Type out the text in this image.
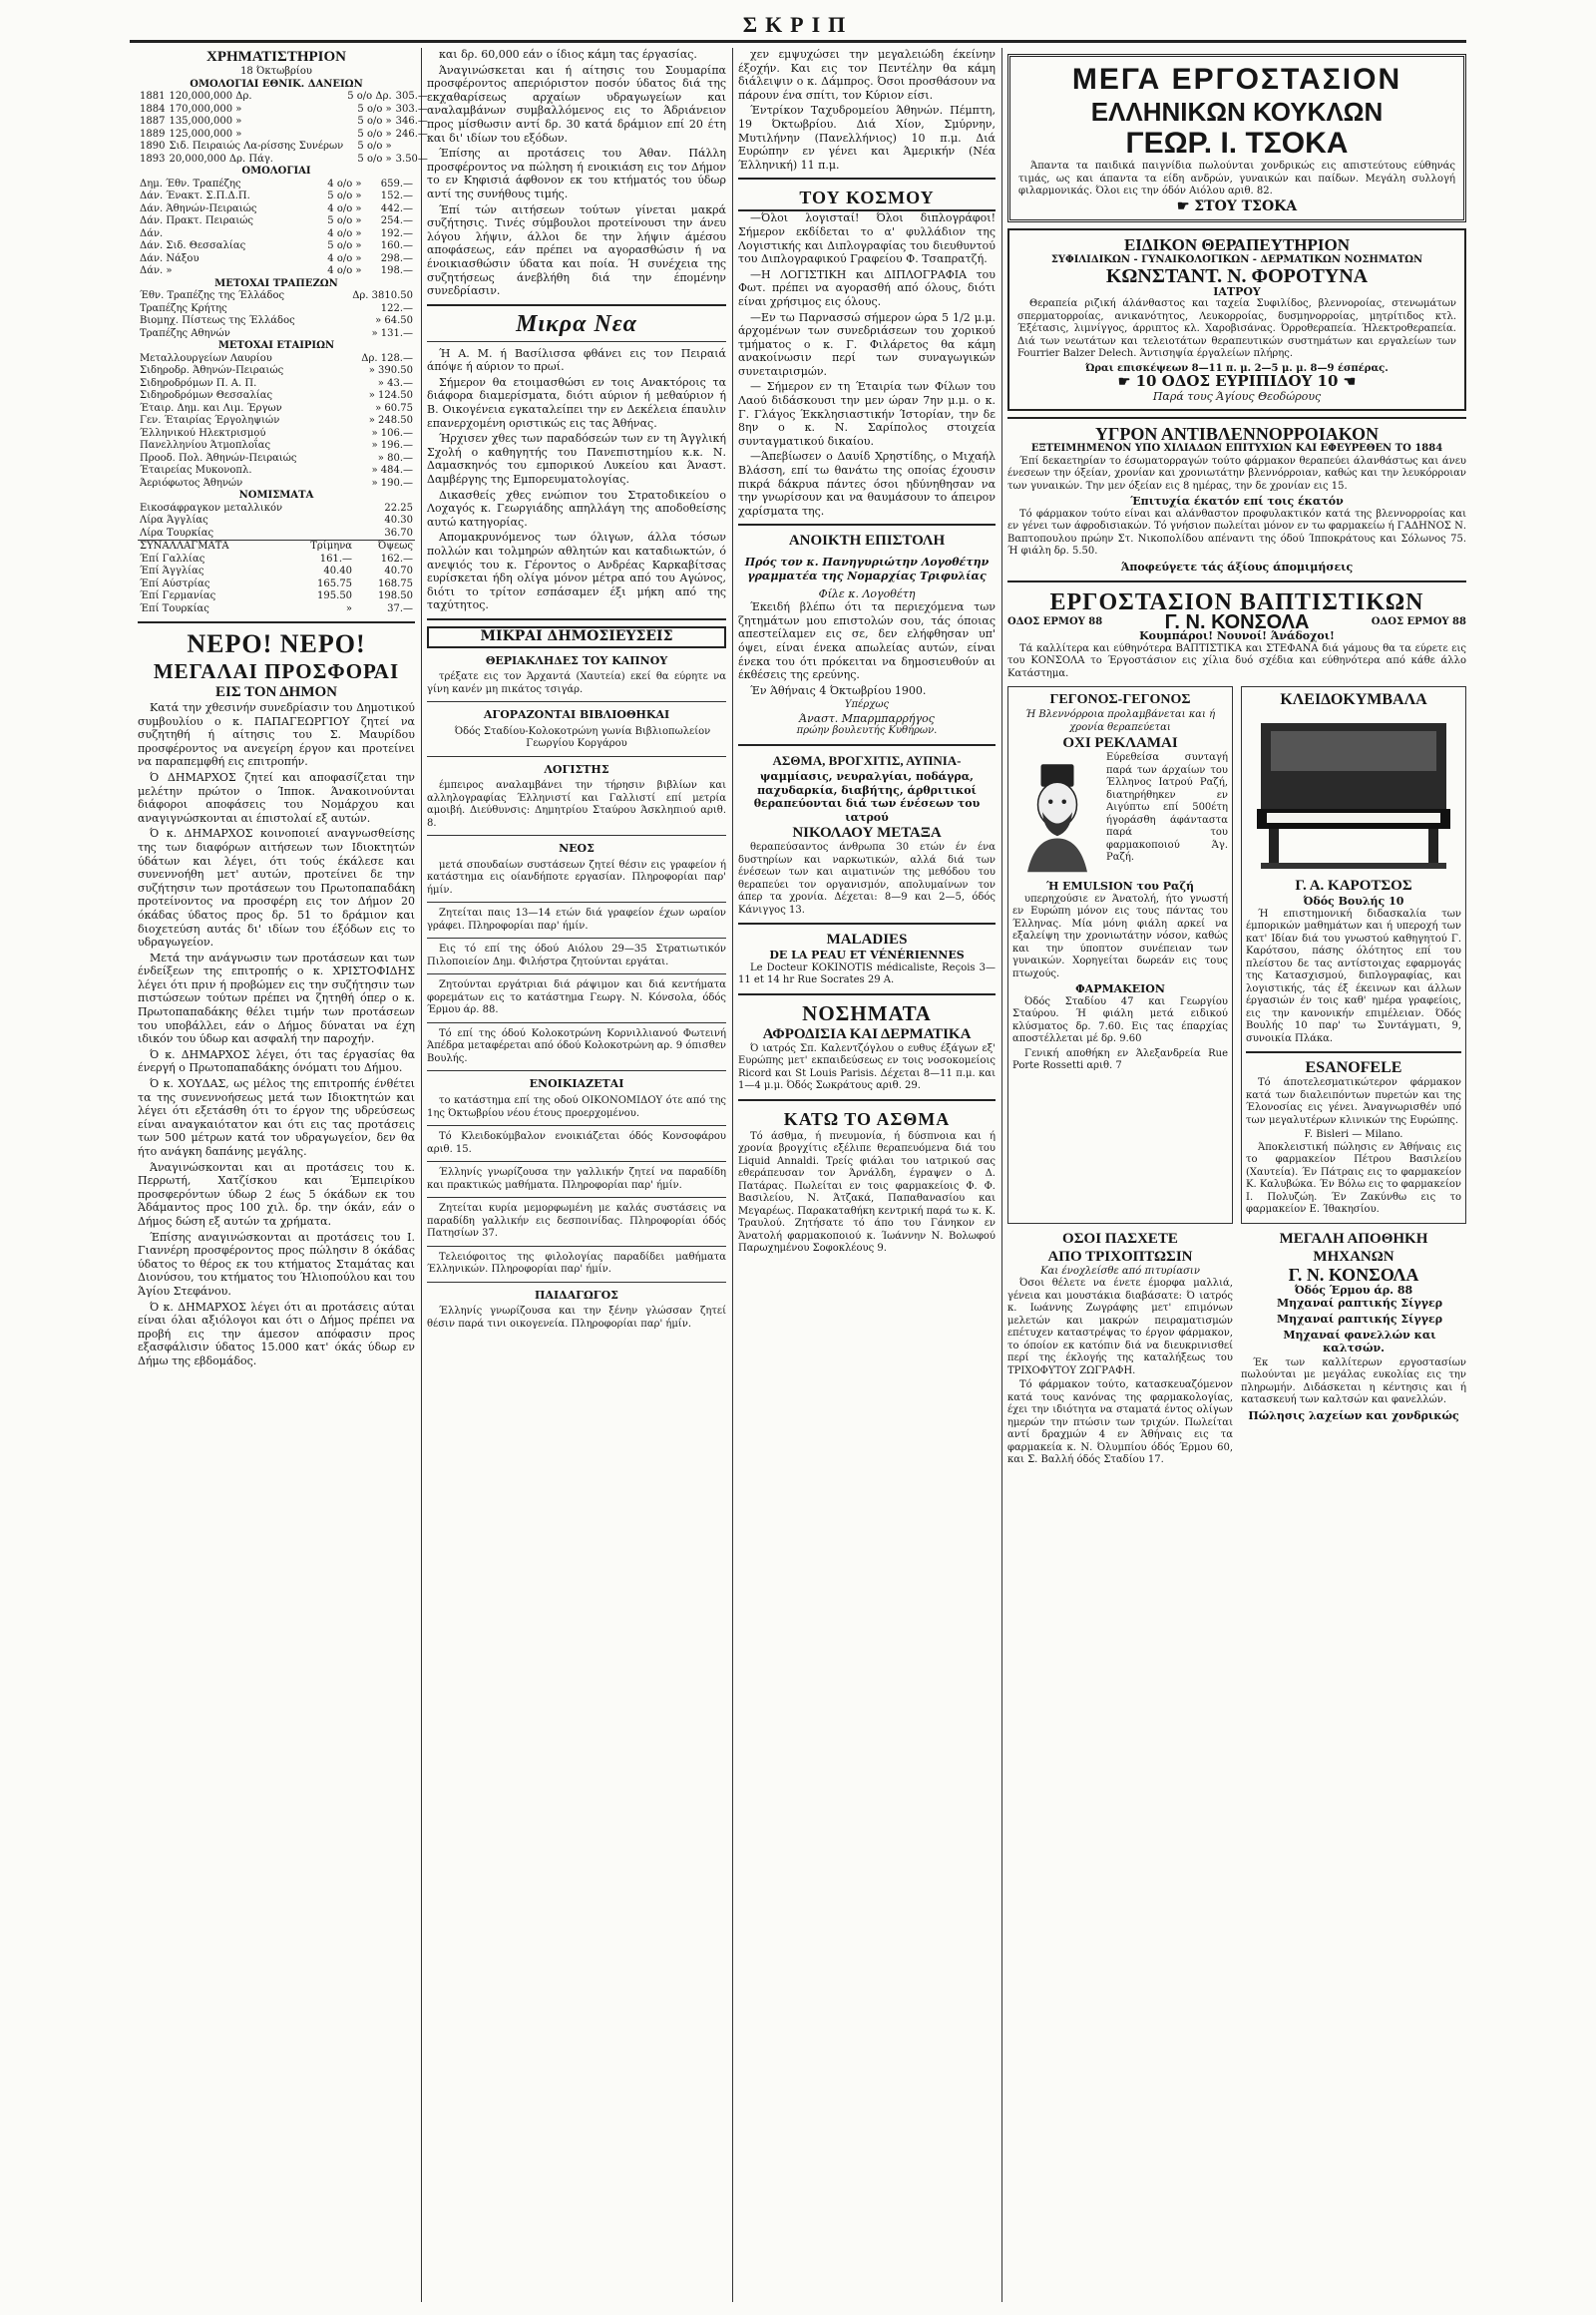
ΣΚΡΙΠ
ΧΡΗΜΑΤΙΣΤΗΡΙΟΝ
18 Όκτωβρίου
ΟΜΟΛΟΓΙΑΙ ΕΘΝΙΚ. ΔΑΝΕΙΩΝ
1881	120,000,000 Δρ.	5 ο/ο Δρ.	305.—
1884	170,000,000 »	5 ο/ο »	303.—
1887	135,000,000 »	5 ο/ο »	346.—
1889	125,000,000 »	5 ο/ο »	246.—
1890	Σιδ. Πειραιώς Λα-ρίσσης Συνέρων	5 ο/ο »	
1893	20,000,000 Δρ. Πάγ.	5 ο/ο »	3.50—
ΟΜΟΛΟΓΙΑΙ
Δημ. Έθν. Τραπέζης	4 ο/ο »	659.—
Δάν. Ένακτ. Σ.Π.Δ.Π.	5 ο/ο »	152.—
Δάν. Άθηνών-Πειραιώς	4 ο/ο »	442.—
Δάν. Πρακτ. Πειραιώς	5 ο/ο »	254.—
Δάν.	4 ο/ο »	192.—
Δάν. Σιδ. Θεσσαλίας	5 ο/ο »	160.—
Δάν. Νάξου	4 ο/ο »	298.—
Δάν. »	4 ο/ο »	198.—
ΜΕΤΟΧΑΙ ΤΡΑΠΕΖΩΝ
Έθν. Τραπέζης της Έλλάδος	Δρ. 3810.50
Τραπέζης Κρήτης	122.—
Βιομηχ. Πίστεως της Έλλάδος	» 64.50
Τραπέζης Αθηνών	» 131.—
ΜΕΤΟΧΑΙ ΕΤΑΙΡΙΩΝ
Μεταλλουργείων Λαυρίου	Δρ. 128.—
Σιδηροδρ. Άθηνών-Πειραιώς	» 390.50
Σιδηροδρόμων Π. Α. Π.	» 43.—
Σιδηροδρόμων Θεσσαλίας	» 124.50
Έταιρ. Δημ. και Λιμ. Έργων	» 60.75
Γεν. Έταιρίας Έργοληψιών	» 248.50
Έλληνικού Ηλεκτρισμού	» 106.—
Πανελληνίου Άτμοπλοΐας	» 196.—
Προοδ. Πολ. Άθηνών-Πειραιώς	» 80.—
Έταιρείας Μυκονοπλ.	» 484.—
Άεριόφωτος Άθηνών	» 190.—
ΝΟΜΙΣΜΑΤΑ
Εικοσάφραγκον μεταλλικόν	22.25
Λίρα Άγγλίας	40.30
Λίρα Τουρκίας	36.70
ΣΥΝΑΛΛΑΓΜΑΤΑ	Τρίμηνα	Όψεως
Έπί Γαλλίας	161.—	162.—
Έπί Άγγλίας	40.40	40.70
Έπί Αύστρίας	165.75	168.75
Έπί Γερμανίας	195.50	198.50
Έπί Τουρκίας	»	37.—
ΝΕΡΟ! ΝΕΡΟ!
ΜΕΓΑΛΑΙ ΠΡΟΣΦΟΡΑΙ
ΕΙΣ ΤΟΝ ΔΗΜΟΝ
Κατά την χθεσινήν συνεδρίασιν του Δημοτικού συμβουλίου ο κ. ΠΑΠΑΓΕΩΡΓΙΟΥ ζητεί να συζητηθή ή αίτησις του Σ. Μαυρίδου προσφέροντος να ανεγείρη έργον και προτείνει να παραπεμφθή εις επιτροπήν.
Ό ΔΗΜΑΡΧΟΣ ζητεί και αποφασίζεται την μελέτην πρώτον ο Ίπποκ. Άνακοινούνται διάφοροι αποφάσεις του Νομάρχου και αναγιγνώσκονται αι έπιστολαί εξ αυτών.
Ό κ. ΔΗΜΑΡΧΟΣ κοινοποιεί αναγνωσθείσης της των διαφόρων αιτήσεων των Ιδιοκτητών ύδάτων και λέγει, ότι τούς έκάλεσε και συνεννοήθη μετ' αυτών, προτείνει δε την συζήτησιν των προτάσεων του Πρωτοπαπαδάκη προτείνοντος να προσφέρη εις τον Δήμον 20 όκάδας ύδατος προς δρ. 51 το δράμιον και διοχετεύση αυτάς δι' ιδίων του έξόδων εις το υδραγωγείον.
Μετά την ανάγνωσιν των προτάσεων και των ένδείξεων της επιτροπής ο κ. ΧΡΙΣΤΟΦΙΔΗΣ λέγει ότι πριν ή προβώμεν εις την συζήτησιν των πιστώσεων τούτων πρέπει να ζητηθή όπερ ο κ. Πρωτοπαπαδάκης θέλει τιμήν των προτάσεων του υποβάλλει, εάν ο Δήμος δύναται να έχη ιδικόν του ύδωρ και ασφαλή την παροχήν.
Ό κ. ΔΗΜΑΡΧΟΣ λέγει, ότι τας έργασίας θα ένεργή ο Πρωτοπαπαδάκης όνόματι του Δήμου.
Ό κ. ΧΟΥΔΑΣ, ως μέλος της επιτροπής ένθέτει τα της συνεννοήσεως μετά των Ιδιοκτητών και λέγει ότι εξετάσθη ότι το έργον της υδρεύσεως είναι αναγκαιότατον και ότι εις τας προτάσεις των 500 μέτρων κατά τον υδραγωγείον, δεν θα ήτο ανάγκη δαπάνης μεγάλης.
Άναγινώσκονται και αι προτάσεις του κ. Περρωτή, Χατζίσκου και Έμπειρίκου προσφερόντων ύδωρ 2 έως 5 όκάδων εκ του Άδάμαντος προς 100 χιλ. δρ. την όκάν, εάν ο Δήμος δώση εξ αυτών τα χρήματα.
Έπίσης αναγινώσκονται αι προτάσεις του Ι. Γιαννέρη προσφέροντος προς πώλησιν 8 όκάδας ύδατος το θέρος εκ του κτήματος Σταμάτας και Διονύσου, του κτήματος του Ήλιοπούλου και του Άγίου Στεφάνου.
Ό κ. ΔΗΜΑΡΧΟΣ λέγει ότι αι προτάσεις αύται είναι όλαι αξιόλογοι και ότι ο Δήμος πρέπει να προβή εις την άμεσον απόφασιν προς εξασφάλισιν ύδατος 15.000 κατ' όκάς ύδωρ εν Δήμω της εβδομάδος.
και δρ. 60,000 εάν ο ίδιος κάμη τας έργασίας.
Άναγινώσκεται και ή αίτησις του Σουμαρίπα προσφέροντος απεριόριστον ποσόν ύδατος διά της εκχαθαρίσεως αρχαίων υδραγωγείων και αναλαμβάνων συμβαλλόμενος εις το Άδριάνειον προς μίσθωσιν αντί δρ. 30 κατά δράμιον επί 20 έτη και δι' ιδίων του εξόδων.
Έπίσης αι προτάσεις του Άθαν. Πάλλη προσφέροντος να πώληση ή ενοικιάση εις τον Δήμον το εν Κηφισιά άφθονον εκ του κτήματός του ύδωρ αντί της συνήθους τιμής.
Έπί τών αιτήσεων τούτων γίνεται μακρά συζήτησις. Τινές σύμβουλοι προτείνουσι την άνευ λόγου λήψιν, άλλοι δε την λήψιν άμέσου αποφάσεως, εάν πρέπει να αγορασθώσιν ή να ένοικιασθώσιν ύδατα και ποία. Ή συνέχεια της συζητήσεως άνεβλήθη διά την έπομένην συνεδρίασιν.
Μικρα Νεα
Ή Α. Μ. ή Βασίλισσα φθάνει εις τον Πειραιά άπόψε ή αύριον το πρωί.
Σήμερον θα ετοιμασθώσι εν τοις Ανακτόροις τα διάφορα διαμερίσματα, διότι αύριον ή μεθαύριον ή Β. Οικογένεια εγκαταλείπει την εν Δεκέλεια έπαυλιν επανερχομένη οριστικώς εις τας Άθήνας.
Ήρχισεν χθες των παραδόσεών των εν τη Άγγλική Σχολή ο καθηγητής του Πανεπιστημίου κ.κ. Ν. Δαμασκηνός του εμπορικού Λυκείου και Άναστ. Δαμβέργης της Εμπορευματολογίας.
Δικασθείς χθες ενώπιον του Στρατοδικείου ο Λοχαγός κ. Γεωργιάδης απηλλάγη της αποδοθείσης αυτώ κατηγορίας.
Απομακρυνόμενος των όλιγων, άλλα τόσων πολλών και τολμηρών αθλητών και καταδιωκτών, ό ανεψιός του κ. Γέροντος ο Ανδρέας Καρκαβίτσας ευρίσκεται ήδη ολίγα μόνον μέτρα από του Αγώνος, διότι το τρίτον εσπάσαμεν έξι μήκη από της ταχύτητος.
ΜΙΚΡΑΙ ΔΗΜΟΣΙΕΥΣΕΙΣ
ΘΕΡΙΑΚΛΗΔΕΣ ΤΟΥ ΚΑΠΝΟΥ
τρέξατε εις τον Άρχαντά (Χαυτεία) εκεί θα εύρητε να γίνη κανέν μη πικάτος τσιγάρ.
ΑΓΟΡΑΖΟΝΤΑΙ ΒΙΒΛΙΟΘΗΚΑΙ
Όδός Σταδίου-Κολοκοτρώνη γωνία Βιβλιοπωλείον Γεωργίου Κοργάρου
ΛΟΓΙΣΤΗΣ
έμπειρος αναλαμβάνει την τήρησιν βιβλίων και αλληλογραφίας Έλληνιστί και Γαλλιστί επί μετρία αμοιβή. Διεύθυνσις: Δημητρίου Σταύρου Άσκληπιού αριθ. 8.
ΝΕΟΣ
μετά σπουδαίων συστάσεων ζητεί θέσιν εις γραφείον ή κατάστημα εις οίανδήποτε εργασίαν. Πληροφορίαι παρ' ήμίν.
Ζητείται παις 13—14 ετών διά γραφείον έχων ωραίον γράφει. Πληροφορίαι παρ' ήμίν.
Εις τό επί της όδού Αιόλου 29—35 Στρατιωτικόν Πιλοποιείον Δημ. Φιλήστρα ζητούνται εργάται.
Ζητούνται εργάτριαι διά ράψιμον και διά κεντήματα φορεμάτων εις το κατάστημα Γεωργ. Ν. Κόνσολα, όδός Έρμου άρ. 88.
Τό επί της όδού Κολοκοτρώνη Κορνιλλιανού Φωτεινή Άπέδρα μεταφέρεται από όδού Κολοκοτρώνη αρ. 9 όπισθεν Βουλής.
ΕΝΟΙΚΙΑΖΕΤΑΙ
το κατάστημα επί της οδού ΟΙΚΟΝΟΜΙΔΟΥ ότε από της 1ης Όκτωβρίου νέου έτους προερχομένου.
Τό Κλειδοκύμβαλον ενοικιάζεται όδός Κονσοφάρου αριθ. 15.
Έλληνίς γνωρίζουσα την γαλλικήν ζητεί να παραδίδη και πρακτικώς μαθήματα. Πληροφορίαι παρ' ήμίν.
Ζητείται κυρία μεμορφωμένη με καλάς συστάσεις να παραδίδη γαλλικήν εις δεσποινίδας. Πληροφορίαι όδός Πατησίων 37.
Τελειόφοιτος της φιλολογίας παραδίδει μαθήματα Έλληνικών. Πληροφορίαι παρ' ήμίν.
ΠΑΙΔΑΓΩΓΟΣ
Έλληνίς γνωρίζουσα και την ξένην γλώσσαν ζητεί θέσιν παρά τινι οικογενεία. Πληροφορίαι παρ' ήμίν.
χεν εμψυχώσει την μεγαλειώδη έκείνην έξοχήν. Και εις τον Πεντέλην θα κάμη διάλειψιν ο κ. Δάμπρος. Όσοι προσθάσουν να πάρουν ένα σπίτι, τον Κύριον είσι.
Έντρίκον Ταχυδρομείου Άθηνών. Πέμπτη, 19 Όκτωβρίου. Διά Χίον, Σμύρνην, Μυτιλήνην (Πανελλήνιος) 10 π.μ. Διά Ευρώπην εν γένει και Άμερικήν (Νέα Έλληνική) 11 π.μ.
ΤΟΥ ΚΟΣΜΟΥ
—Όλοι λογισταί! Όλοι διπλογράφοι! Σήμερον εκδίδεται το α' φυλλάδιον της Λογιστικής και Διπλογραφίας του διευθυντού του Διπλογραφικού Γραφείου Φ. Τσαπρατζή.
—Η ΛΟΓΙΣΤΙΚΗ και ΔΙΠΛΟΓΡΑΦΙΑ του Φωτ. πρέπει να αγορασθή από όλους, διότι είναι χρήσιμος εις όλους.
—Εν τω Παρνασσώ σήμερον ώρα 5 1/2 μ.μ. άρχομένων των συνεδριάσεων του χορικού τμήματος ο κ. Γ. Φιλάρετος θα κάμη ανακοίνωσιν περί των συναγωγικών συνεταιρισμών.
— Σήμερον εν τη Έταιρία των Φίλων του Λαού διδάσκουσι την μεν ώραν 7ην μ.μ. ο κ. Γ. Γλάγος Έκκλησιαστικήν Ίστορίαν, την δε 8ην ο κ. Ν. Σαρίπολος στοιχεία συνταγματικού δικαίου.
—Άπεβίωσεν ο Δαυίδ Χρηστίδης, ο Μιχαήλ Βλάσση, επί τω θανάτω της οποίας έχουσιν πικρά δάκρυα πάντες όσοι ηδύνηθησαν να την γνωρίσουν και να θαυμάσουν το άπειρον χαρίσματα της.
ΑΝΟΙΚΤΗ ΕΠΙΣΤΟΛΗ
Πρός τον κ. Πανηγυριώτην Λογοθέτην γραμματέα της Νομαρχίας Τριφυλίας
Φίλε κ. Λογοθέτη
Έκειδή βλέπω ότι τα περιεχόμενα των ζητημάτων μου επιστολών σου, τάς όποιας απεστείλαμεν εις σε, δεν ελήφθησαν υπ' όψει, είναι ένεκα απωλείας αυτών, είναι ένεκα του ότι πρόκειται να δημοσιευθούν αι έκθέσεις της ερεύνης.
Έν Άθήναις 4 Όκτωβρίου 1900.
Υπέρχως
Άναστ. Μπαρμπαρρήγος
πρώην βουλευτής Κυθήρων.
ΑΣΘΜΑ, ΒΡΟΓΧΙΤΙΣ, ΑΥΠΝΙΑ-
ψαμμίασις, νευραλγίαι, ποδάγρα, παχυδαρκία, διαβήτης, άρθριτικοί θεραπεύονται διά των ένέσεων του ιατρού
ΝΙΚΟΛΑΟΥ ΜΕΤΑΞΑ
θεραπεύσαντος άνθρωπα 30 ετών έν ένα δυστηρίων και ναρκωτικών, αλλά διά των ένέσεων των και αιματινών της μεθόδου του θεραπεύει τον οργανισμόν, απολυμαίνων τον άπερ τα χρονία. Δέχεται: 8—9 και 2—5, όδός Κάνιγγος 13.
MALADIES
DE LA PEAU ET VÉNÉRIENNES
Le Docteur KOKINOTIS médicaliste, Reçois 3—11 et 14 hr Rue Socrates 29 A.
ΝΟΣΗΜΑΤΑ
ΑΦΡΟΔΙΣΙΑ ΚΑΙ ΔΕΡΜΑΤΙΚΑ
Ό ιατρός Σπ. Καλεντζόγλου ο ευθυς έξάγων εξ' Ευρώπης μετ' εκπαιδεύσεως εν τοις νοσοκομείοις Ricord και St Louis Parisis. Δέχεται 8—11 π.μ. και 1—4 μ.μ. Όδός Σωκράτους αριθ. 29.
ΚΑΤΩ ΤΟ ΑΣΘΜΑ
Τό άσθμα, ή πνευμονία, ή δύσπνοια και ή χρονία βρογχίτις εξέλιπε θεραπευόμενα διά του Liquid Annaldi. Τρείς φιάλαι του ιατρικού σας εθεράπευσαν τον Άρνάλδη, έγραψεν ο Δ. Πατάρας. Πωλείται εν τοις φαρμακείοις Φ. Φ. Βασιλείου, Ν. Άτζακά, Παπαθανασίου και Μεγαρέως. Παρακαταθήκη κεντρική παρά τω κ. Κ. Τραυλού. Ζητήσατε τό άπο του Γάνηκον εν Άνατολή φαρμακοποιού κ. Ίωάννην Ν. Βολωφού Παρωχημένου Σοφοκλέους 9.
ΜΕΓΑ ΕΡΓΟΣΤΑΣΙΟΝ
ΕΛΛΗΝΙΚΩΝ ΚΟΥΚΛΩΝ
ΓΕΩΡ. Ι. ΤΣΟΚΑ
Άπαντα τα παιδικά παιγνίδια πωλούνται χονδρικώς εις απιστεύτους εύθηνάς τιμάς, ως και άπαντα τα είδη ανδρών, γυναικών και παίδων. Μεγάλη συλλογή φιλαρμονικάς. Όλοι εις την όδόν Αιόλου αριθ. 82.
☛ ΣΤΟΥ ΤΣΟΚΑ
ΕΙΔΙΚΟΝ ΘΕΡΑΠΕΥΤΗΡΙΟΝ
ΣΥΦΙΛΙΔΙΚΩΝ - ΓΥΝΑΙΚΟΛΟΓΙΚΩΝ - ΔΕΡΜΑΤΙΚΩΝ ΝΟΣΗΜΑΤΩΝ
ΚΩΝΣΤΑΝΤ. Ν. ΦΟΡΟΤΥΝΑ
ΙΑΤΡΟΥ
Θεραπεία ριζική άλάνθαστος και ταχεία Συφιλίδος, βλεννοροίας, στενωμάτων σπερματορροίας, ανικανότητος, Λευκορροίας, δυσμηνορροίας, μητρίτιδος κτλ. Έξέτασις, λιμνίγγος, άρριπτος κλ. Χαροβισάνας. Όρροθεραπεία. Ήλεκτροθεραπεία. Διά των νεωτάτων και τελειοτάτων θεραπευτικών συστημάτων και εργαλείων των Fourrier Balzer Delech. Άντισηψία έργαλείων πλήρης.
Ώραι επισκέψεων 8—11 π. μ. 2—5 μ. μ. 8—9 έσπέρας.
☛ 10 ΟΔΟΣ ΕΥΡΙΠΙΔΟΥ 10 ☚
Παρά τους Άγίους Θεοδώρους
ΥΓΡΟΝ ΑΝΤΙΒΛΕΝΝΟΡΡΟΙΑΚΟΝ
ΕΞΤΕΙΜΗΜΕΝΟΝ ΥΠΟ ΧΙΛΙΑΔΩΝ ΕΠΙΤΥΧΙΩΝ ΚΑΙ ΕΦΕΥΡΕΘΕΝ ΤΟ 1884
Έπί δεκαετηρίαν το έσωματορραγών τούτο φάρμακον θεραπεύει άλανθάστως και άνευ ένεσεων την όξείαν, χρονίαν και χρονιωτάτην βλεννόρροιαν, καθώς και την λευκόρροιαν των γυναικών. Την μεν όξείαν εις 8 ημέρας, την δε χρονίαν εις 15.
Έπιτυχία έκατόν επί τοις έκατόν
Τό φάρμακον τούτο είναι και αλάνθαστον προφυλακτικόν κατά της βλεννορροίας και εν γένει των άφροδισιακών. Τό γνήσιον πωλείται μόνον εν τω φαρμακείω ή ΓΑΔΗΝΟΣ Ν. Βαπτοπουλου πρώην Στ. Νικοπολίδου απέναντι της όδού Ίπποκράτους και Σόλωνος 75. Ή φιάλη δρ. 5.50.
Άποφεύγετε τάς άξίους άπομιμήσεις
ΕΡΓΟΣΤΑΣΙΟΝ ΒΑΠΤΙΣΤΙΚΩΝ
ΟΔΟΣ ΕΡΜΟΥ 88	Γ. Ν. ΚΟΝΣΟΛΑ	ΟΔΟΣ ΕΡΜΟΥ 88
Κουμπάροι! Νουνοί! Άνάδοχοι!
Τά καλλίτερα και εύθηνότερα ΒΑΠΤΙΣΤΙΚΑ και ΣΤΕΦΑΝΑ διά γάμους θα τα εύρετε εις του ΚΟΝΣΟΛΑ το Έργοστάσιον εις χίλια δυό σχέδια και εύθηνότερα από κάθε άλλο Κατάστημα.
ΓΕΓΟΝΟΣ-ΓΕΓΟΝΟΣ
Ή Βλεννόρροια προλαμβάνεται και ή χρονία θεραπεύεται
ΟΧΙ ΡΕΚΛΑΜΑΙ
Εύρεθείσα συνταγή παρά των άρχαίων του Έλληνος Ιατρού Ραζή, διατηρήθηκεν εν Αιγύπτω επί 500έτη ήγοράσθη άφάνταστα παρά του φαρμακοποιού Άγ. Ραζή.
Ή EMULSION του Ραζή
υπερηχούσιε εν Άνατολή, ήτο γνωστή εν Ευρώπη μόνον εις τους πάντας του Έλληνας. Μία μόνη φιάλη αρκεί να εξαλείψη την χρονιωτάτην νόσον, καθώς και την ύποπτον συνέπειαν των γυναικών. Χορηγείται δωρεάν εις τους πτωχούς.
ΦΑΡΜΑΚΕΙΟΝ
Όδός Σταδίου 47 και Γεωργίου Σταύρου. Ή φιάλη μετά ειδικού κλύσματος δρ. 7.60. Εις τας έπαρχίας αποστέλλεται μέ δρ. 9.60
Γενική αποθήκη εν Άλεξανδρεία Rue Porte Rossetti αριθ. 7
ΚΛΕΙΔΟΚΥΜΒΑΛΑ
Γ. Α. ΚΑΡΟΤΣΟΣ
Όδός Βουλής 10
Ή επιστημονική διδασκαλία των έμπορικών μαθημάτων και ή υπεροχή των κατ' Ιδίαν διά του γνωστού καθηγητού Γ. Καρότσου, πάσης όλότητος επί του πλείστου δε τας αντίστοιχας εφαρμογάς της Κατασχισμού, διπλογραφίας, και λογιστικής, τάς έξ έκεινων και άλλων έργασιών έν τοις καθ' ημέρα γραφείοις, εις την κανονικήν επιμέλειαν. Όδός Βουλής 10 παρ' τω Συντάγματι, 9, συνοικία Πλάκα.
ESANOFELE
Τό άποτελεσματικώτερον φάρμακον κατά των διαλειπόντων πυρετών και της Έλονοσίας εις γένει. Άναγνωρισθέν υπό των μεγαλυτέρων κλινικών της Ευρώπης.
F. Bisleri — Milano.
Άποκλειστική πώλησις εν Άθήναις εις το φαρμακείον Πέτρου Βασιλείου (Χαυτεία). Έν Πάτραις εις το φαρμακείον Κ. Καλυβώκα. Έν Βόλω εις το φαρμακείον Ι. Πολυζώη. Έν Ζακύνθω εις το φαρμακείον Ε. Ίθακησίου.
ΟΣΟΙ ΠΑΣΧΕΤΕ
ΑΠΟ ΤΡΙΧΟΠΤΩΣΙΝ
Και ένοχλείσθε από πιτυρίασιν
Όσοι θέλετε να ένετε έμορφα μαλλιά, γένεια και μουστάκια διαβάσατε: Ό ιατρός κ. Ιωάννης Ζωγράφης μετ' επιμόνων μελετών και μακρών πειραματισμών επέτυχεν καταστρέψας το έργον φάρμακον, το όποίον εκ κατόπιν διά να διευκρινισθεί περί της έκλογής της καταλήξεως του ΤΡΙΧΟΦΥΤΟΥ ΖΩΓΡΑΦΗ.
Τό φάρμακον τούτο, κατασκευαζόμενον κατά τους κανόνας της φαρμακολογίας, έχει την ιδιότητα να σταματά έντος ολίγων ημερών την πτώσιν των τριχών. Πωλείται αντί δραχμών 4 εν Άθήναις εις τα φαρμακεία κ. Ν. Όλυμπίου όδός Έρμου 60, και Σ. Βαλλή όδός Σταδίου 17.
ΜΕΓΑΛΗ ΑΠΟΘΗΚΗ ΜΗΧΑΝΩΝ
Γ. Ν. ΚΟΝΣΟΛΑ
Όδός Έρμου άρ. 88
Μηχαναί ραπτικής Σίγγερ
Μηχαναί ραπτικής Σίγγερ
Μηχαναί φανελλών και καλτσών.
Έκ των καλλίτερων εργοστασίων πωλούνται με μεγάλας ευκολίας εις την πληρωμήν. Διδάσκεται η κέντησις και ή κατασκευή των καλτσών και φανελλών.
Πώλησις λαχείων και χονδρικώς
